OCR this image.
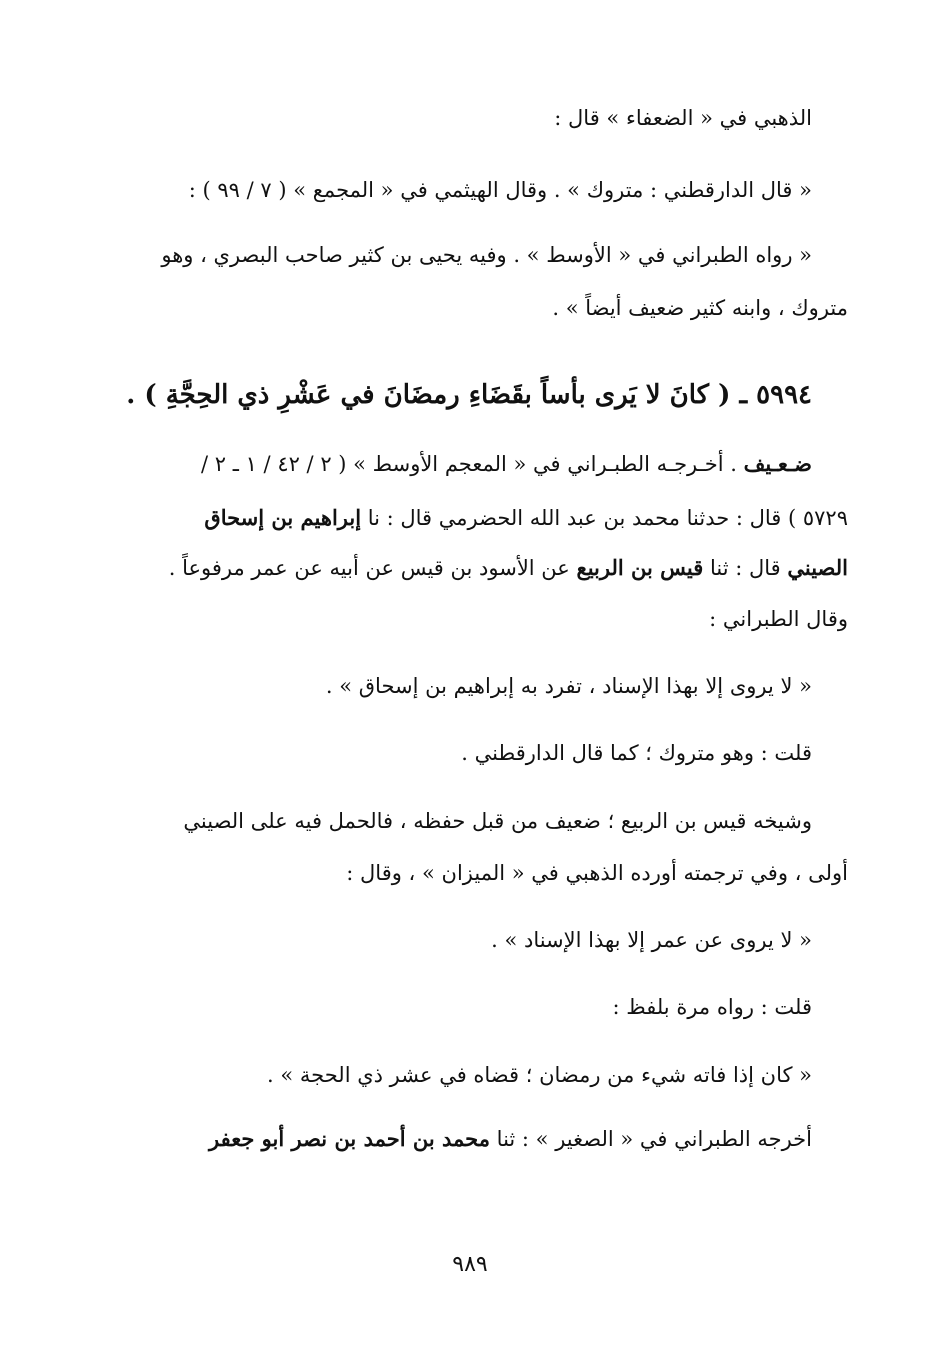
الذهبي في « الضعفاء » قال :
« قال الدارقطني : متروك » . وقال الهيثمي في « المجمع » ( ٧ / ٩٩ ) :
« رواه الطبراني في « الأوسط » . وفيه يحيى بن كثير صاحب البصري ، وهو
متروك ، وابنه كثير ضعيف أيضاً » .
٥٩٩٤ ـ ( كانَ لا يَرى بأساً بقَضَاءِ رمضَانَ في عَشْرِ ذي الحِجَّةِ ) .
ضـعـيف . أخـرجـه الطبـراني في « المعجم الأوسط » ( ٢ / ٤٢ / ١ ـ ٢ /
٥٧٢٩ ) قال : حدثنا محمد بن عبد الله الحضرمي قال : نا إبراهيم بن إسحاق
الصيني قال : ثنا قيس بن الربيع عن الأسود بن قيس عن أبيه عن عمر مرفوعاً .
وقال الطبراني :
« لا يروى إلا بهذا الإسناد ، تفرد به إبراهيم بن إسحاق » .
قلت : وهو متروك ؛ كما قال الدارقطني .
وشيخه قيس بن الربيع ؛ ضعيف من قبل حفظه ، فالحمل فيه على الصيني
أولى ، وفي ترجمته أورده الذهبي في « الميزان » ، وقال :
« لا يروى عن عمر إلا بهذا الإسناد » .
قلت : رواه مرة بلفظ :
« كان إذا فاته شيء من رمضان ؛ قضاه في عشر ذي الحجة » .
أخرجه الطبراني في « الصغير » : ثنا محمد بن أحمد بن نصر أبو جعفر
٩٨٩
